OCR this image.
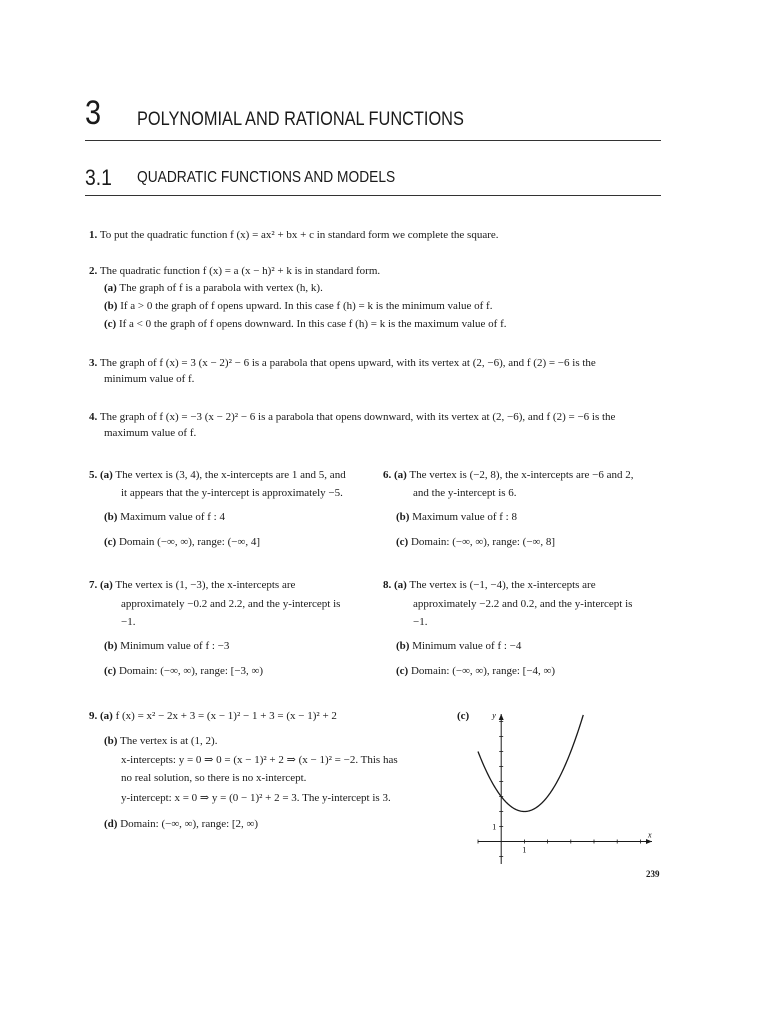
3 POLYNOMIAL AND RATIONAL FUNCTIONS
3.1 QUADRATIC FUNCTIONS AND MODELS
1. To put the quadratic function f (x) = ax² + bx + c in standard form we complete the square.
2. The quadratic function f (x) = a (x − h)² + k is in standard form.
(a) The graph of f is a parabola with vertex (h, k).
(b) If a > 0 the graph of f opens upward. In this case f (h) = k is the minimum value of f.
(c) If a < 0 the graph of f opens downward. In this case f (h) = k is the maximum value of f.
3. The graph of f (x) = 3 (x − 2)² − 6 is a parabola that opens upward, with its vertex at (2, −6), and f (2) = −6 is the
minimum value of f.
4. The graph of f (x) = −3 (x − 2)² − 6 is a parabola that opens downward, with its vertex at (2, −6), and f (2) = −6 is the
maximum value of f.
5. (a) The vertex is (3, 4), the x-intercepts are 1 and 5, and
it appears that the y-intercept is approximately −5.
(b) Maximum value of f : 4
(c) Domain (−∞, ∞), range: (−∞, 4]
6. (a) The vertex is (−2, 8), the x-intercepts are −6 and 2,
and the y-intercept is 6.
(b) Maximum value of f : 8
(c) Domain: (−∞, ∞), range: (−∞, 8]
7. (a) The vertex is (1, −3), the x-intercepts are
approximately −0.2 and 2.2, and the y-intercept is
−1.
(b) Minimum value of f : −3
(c) Domain: (−∞, ∞), range: [−3, ∞)
8. (a) The vertex is (−1, −4), the x-intercepts are
approximately −2.2 and 0.2, and the y-intercept is
−1.
(b) Minimum value of f : −4
(c) Domain: (−∞, ∞), range: [−4, ∞)
9. (a) f (x) = x² − 2x + 3 = (x − 1)² − 1 + 3 = (x − 1)² + 2
(b) The vertex is at (1, 2).
x-intercepts: y = 0 ⇒ 0 = (x − 1)² + 2 ⇒ (x − 1)² = −2. This has
no real solution, so there is no x-intercept.
y-intercept: x = 0 ⇒ y = (0 − 1)² + 2 = 3. The y-intercept is 3.
(d) Domain: (−∞, ∞), range: [2, ∞)
(c)	y
x
1
1
239
